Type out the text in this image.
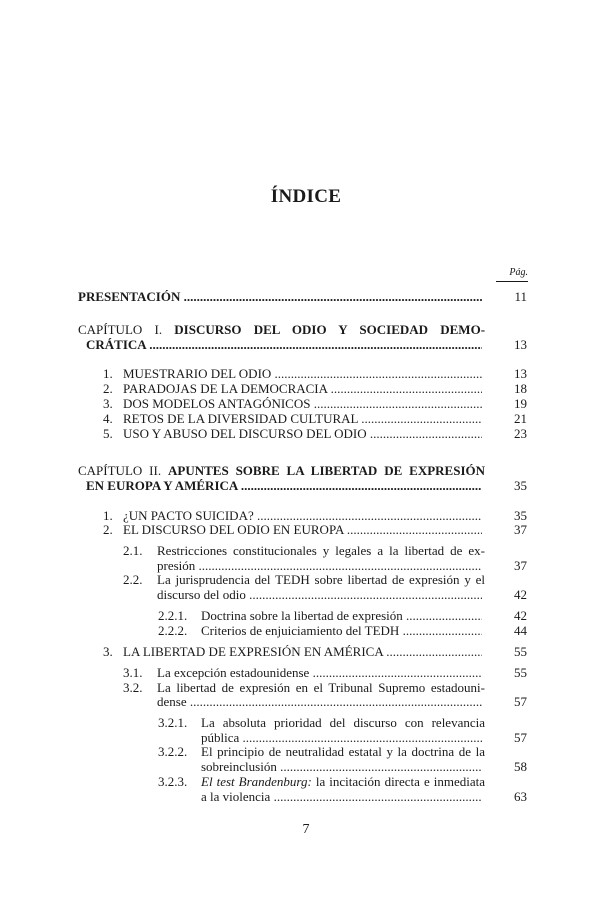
ÍNDICE
Pág.
PRESENTACIÓN .....	11
CAPÍTULO I. DISCURSO DEL ODIO Y SOCIEDAD DEMO-
CRÁTICA .....	13
1. MUESTRARIO DEL ODIO .....	13
2. PARADOJAS DE LA DEMOCRACIA .....	18
3. DOS MODELOS ANTAGÓNICOS .....	19
4. RETOS DE LA DIVERSIDAD CULTURAL .....	21
5. USO Y ABUSO DEL DISCURSO DEL ODIO .....	23
CAPÍTULO II. APUNTES SOBRE LA LIBERTAD DE EXPRESIÓN
EN EUROPA Y AMÉRICA .....	35
1. ¿UN PACTO SUICIDA? .....	35
2. EL DISCURSO DEL ODIO EN EUROPA .....	37
2.1. Restricciones constitucionales y legales a la libertad de ex-
presión .....	37
2.2. La jurisprudencia del TEDH sobre libertad de expresión y el
discurso del odio .....	42
2.2.1. Doctrina sobre la libertad de expresión .....	42
2.2.2. Criterios de enjuiciamiento del TEDH .....	44
3. LA LIBERTAD DE EXPRESIÓN EN AMÉRICA .....	55
3.1. La excepción estadounidense .....	55
3.2. La libertad de expresión en el Tribunal Supremo estadouni-
dense .....	57
3.2.1. La absoluta prioridad del discurso con relevancia
pública .....	57
3.2.2. El principio de neutralidad estatal y la doctrina de la
sobreinclusión .....	58
3.2.3. El test Brandenburg: la incitación directa e inmediata
a la violencia .....	63
7
